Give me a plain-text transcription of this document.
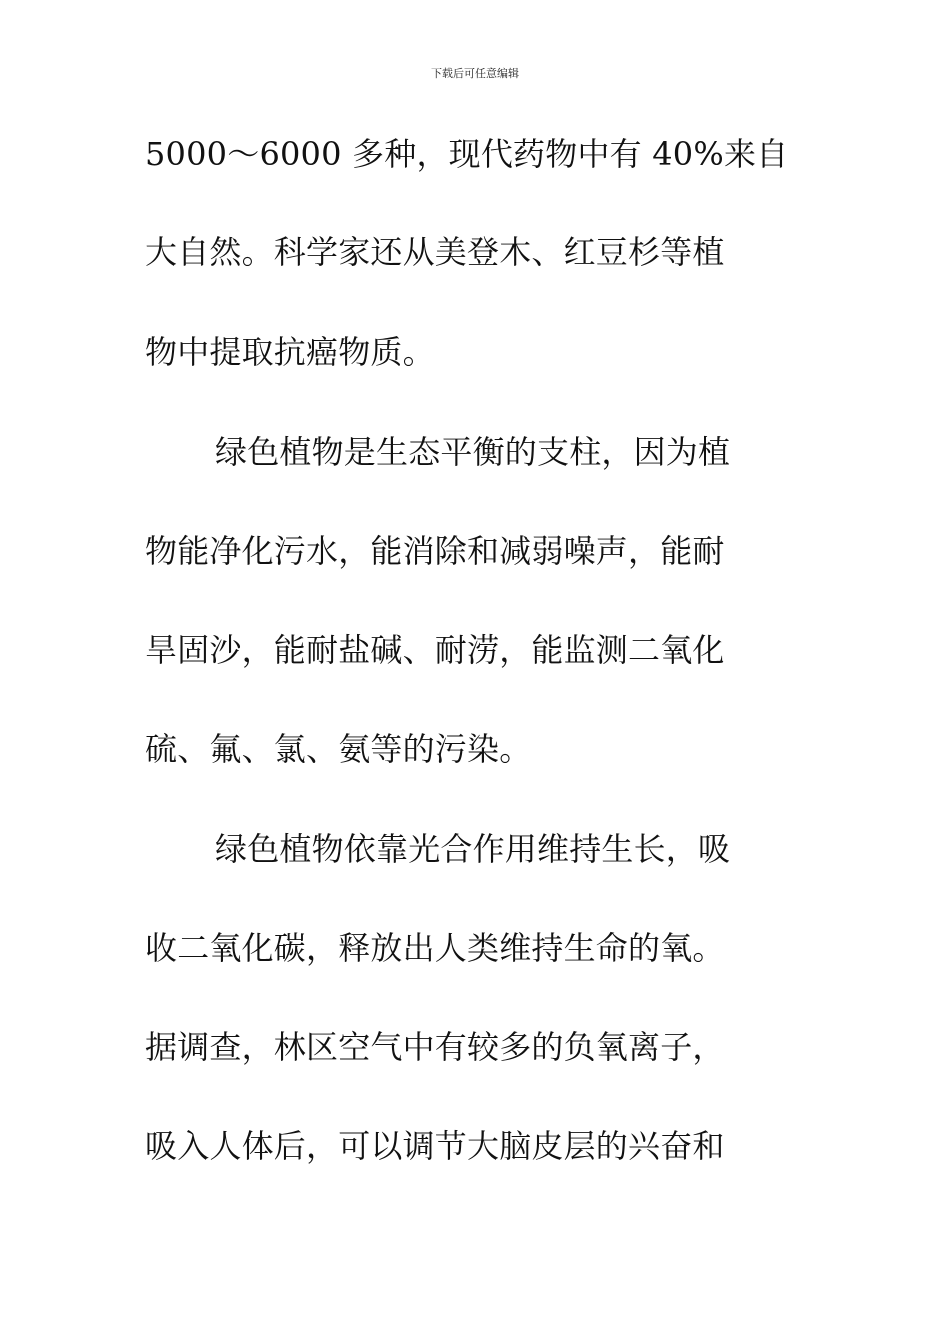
下载后可任意编辑
5000～6000 多种，现代药物中有 40%来自
大自然。科学家还从美登木、红豆杉等植
物中提取抗癌物质。
绿色植物是生态平衡的支柱，因为植
物能净化污水，能消除和减弱噪声，能耐
旱固沙，能耐盐碱、耐涝，能监测二氧化
硫、氟、氯、氨等的污染。
绿色植物依靠光合作用维持生长，吸
收二氧化碳，释放出人类维持生命的氧。
据调查，林区空气中有较多的负氧离子，
吸入人体后，可以调节大脑皮层的兴奋和
